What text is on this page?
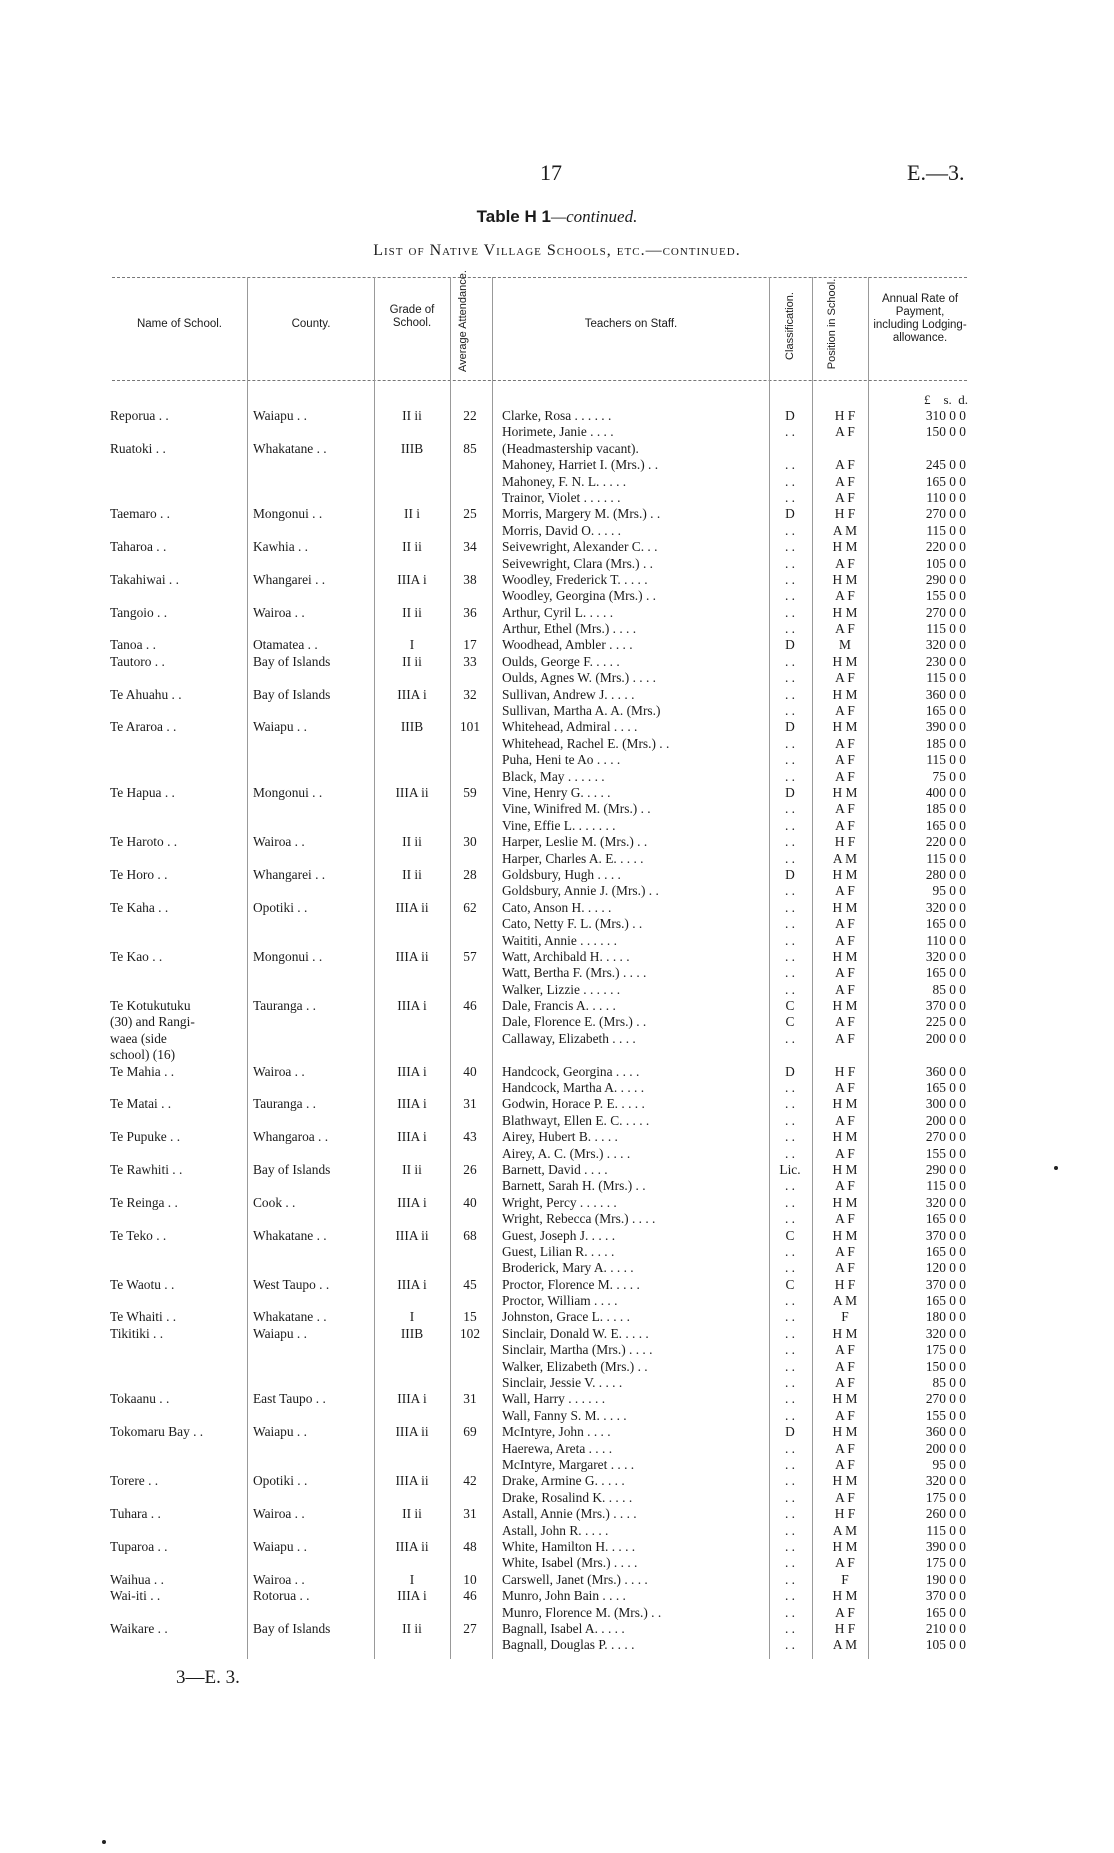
17	E.—3.
Table H 1—continued.
List of Native Village Schools, etc.—continued.
Name of School.	County.
Grade of School.	Average Attendance.	Teachers on Staff.	Classification.	Position in School.	Annual Rate of Payment, including Lodging-allowance.
£    s.  d.
Reporua . .	Waiapu . .	II ii	22	Clarke, Rosa . . . . . .	D	H F	310 0 0
Horimete, Janie . . . .	. .	A F	150 0 0
Ruatoki . .	Whakatane . .	IIIB	85	(Headmastership vacant).
Mahoney, Harriet I. (Mrs.) . .	. .	A F	245 0 0
Mahoney, F. N. L. . . . .	. .	A F	165 0 0
Trainor, Violet . . . . . .	. .	A F	110 0 0
Taemaro . .	Mongonui . .	II i	25	Morris, Margery M. (Mrs.) . .	D	H F	270 0 0
Morris, David O. . . . .	. .	A M	115 0 0
Taharoa . .	Kawhia . .	II ii	34	Seivewright, Alexander C. . .	. .	H M	220 0 0
Seivewright, Clara (Mrs.) . .	. .	A F	105 0 0
Takahiwai . .	Whangarei . .	IIIA i	38	Woodley, Frederick T. . . . .	. .	H M	290 0 0
Woodley, Georgina (Mrs.) . .	. .	A F	155 0 0
Tangoio . .	Wairoa . .	II ii	36	Arthur, Cyril L. . . . .	. .	H M	270 0 0
Arthur, Ethel (Mrs.) . . . .	. .	A F	115 0 0
Tanoa . .	Otamatea . .	I	17	Woodhead, Ambler . . . .	D	M	320 0 0
Tautoro . .	Bay of Islands	II ii	33	Oulds, George F. . . . .	. .	H M	230 0 0
Oulds, Agnes W. (Mrs.) . . . .	. .	A F	115 0 0
Te Ahuahu . .	Bay of Islands	IIIA i	32	Sullivan, Andrew J. . . . .	. .	H M	360 0 0
Sullivan, Martha A. A. (Mrs.)	. .	A F	165 0 0
Te Araroa . .	Waiapu . .	IIIB	101	Whitehead, Admiral . . . .	D	H M	390 0 0
Whitehead, Rachel E. (Mrs.) . .	. .	A F	185 0 0
Puha, Heni te Ao . . . .	. .	A F	115 0 0
Black, May . . . . . .	. .	A F	75 0 0
Te Hapua . .	Mongonui . .	IIIA ii	59	Vine, Henry G. . . . .	D	H M	400 0 0
Vine, Winifred M. (Mrs.) . .	. .	A F	185 0 0
Vine, Effie L. . . . . . .	. .	A F	165 0 0
Te Haroto . .	Wairoa . .	II ii	30	Harper, Leslie M. (Mrs.) . .	. .	H F	220 0 0
Harper, Charles A. E. . . . .	. .	A M	115 0 0
Te Horo . .	Whangarei . .	II ii	28	Goldsbury, Hugh . . . .	D	H M	280 0 0
Goldsbury, Annie J. (Mrs.) . .	. .	A F	95 0 0
Te Kaha . .	Opotiki . .	IIIA ii	62	Cato, Anson H. . . . .	. .	H M	320 0 0
Cato, Netty F. L. (Mrs.) . .	. .	A F	165 0 0
Waititi, Annie . . . . . .	. .	A F	110 0 0
Te Kao . .	Mongonui . .	IIIA ii	57	Watt, Archibald H. . . . .	. .	H M	320 0 0
Watt, Bertha F. (Mrs.) . . . .	. .	A F	165 0 0
Walker, Lizzie . . . . . .	. .	A F	85 0 0
Te Kotukutuku	Tauranga . .	IIIA i	46	Dale, Francis A. . . . .	C	H M	370 0 0
(30) and Rangi-	Dale, Florence E. (Mrs.) . .	C	A F	225 0 0
waea (side	Callaway, Elizabeth . . . .	. .	A F	200 0 0
school) (16)
Te Mahia . .	Wairoa . .	IIIA i	40	Handcock, Georgina . . . .	D	H F	360 0 0
Handcock, Martha A. . . . .	. .	A F	165 0 0
Te Matai . .	Tauranga . .	IIIA i	31	Godwin, Horace P. E. . . . .	. .	H M	300 0 0
Blathwayt, Ellen E. C. . . . .	. .	A F	200 0 0
Te Pupuke . .	Whangaroa . .	IIIA i	43	Airey, Hubert B. . . . .	. .	H M	270 0 0
Airey, A. C. (Mrs.) . . . .	. .	A F	155 0 0
Te Rawhiti . .	Bay of Islands	II ii	26	Barnett, David . . . .	Lic.	H M	290 0 0
Barnett, Sarah H. (Mrs.) . .	. .	A F	115 0 0
Te Reinga . .	Cook . .	IIIA i	40	Wright, Percy . . . . . .	. .	H M	320 0 0
Wright, Rebecca (Mrs.) . . . .	. .	A F	165 0 0
Te Teko . .	Whakatane . .	IIIA ii	68	Guest, Joseph J. . . . .	C	H M	370 0 0
Guest, Lilian R. . . . .	. .	A F	165 0 0
Broderick, Mary A. . . . .	. .	A F	120 0 0
Te Waotu . .	West Taupo . .	IIIA i	45	Proctor, Florence M. . . . .	C	H F	370 0 0
Proctor, William . . . .	. .	A M	165 0 0
Te Whaiti . .	Whakatane . .	I	15	Johnston, Grace L. . . . .	. .	F	180 0 0
Tikitiki . .	Waiapu . .	IIIB	102	Sinclair, Donald W. E. . . . .	. .	H M	320 0 0
Sinclair, Martha (Mrs.) . . . .	. .	A F	175 0 0
Walker, Elizabeth (Mrs.) . .	. .	A F	150 0 0
Sinclair, Jessie V. . . . .	. .	A F	85 0 0
Tokaanu . .	East Taupo . .	IIIA i	31	Wall, Harry . . . . . .	. .	H M	270 0 0
Wall, Fanny S. M. . . . .	. .	A F	155 0 0
Tokomaru Bay . .	Waiapu . .	IIIA ii	69	McIntyre, John . . . .	D	H M	360 0 0
Haerewa, Areta . . . .	. .	A F	200 0 0
McIntyre, Margaret . . . .	. .	A F	95 0 0
Torere . .	Opotiki . .	IIIA ii	42	Drake, Armine G. . . . .	. .	H M	320 0 0
Drake, Rosalind K. . . . .	. .	A F	175 0 0
Tuhara . .	Wairoa . .	II ii	31	Astall, Annie (Mrs.) . . . .	. .	H F	260 0 0
Astall, John R. . . . .	. .	A M	115 0 0
Tuparoa . .	Waiapu . .	IIIA ii	48	White, Hamilton H. . . . .	. .	H M	390 0 0
White, Isabel (Mrs.) . . . .	. .	A F	175 0 0
Waihua . .	Wairoa . .	I	10	Carswell, Janet (Mrs.) . . . .	. .	F	190 0 0
Wai-iti . .	Rotorua . .	IIIA i	46	Munro, John Bain . . . .	. .	H M	370 0 0
Munro, Florence M. (Mrs.) . .	. .	A F	165 0 0
Waikare . .	Bay of Islands	II ii	27	Bagnall, Isabel A. . . . .	. .	H F	210 0 0
Bagnall, Douglas P. . . . .	. .	A M	105 0 0
3—E. 3.
